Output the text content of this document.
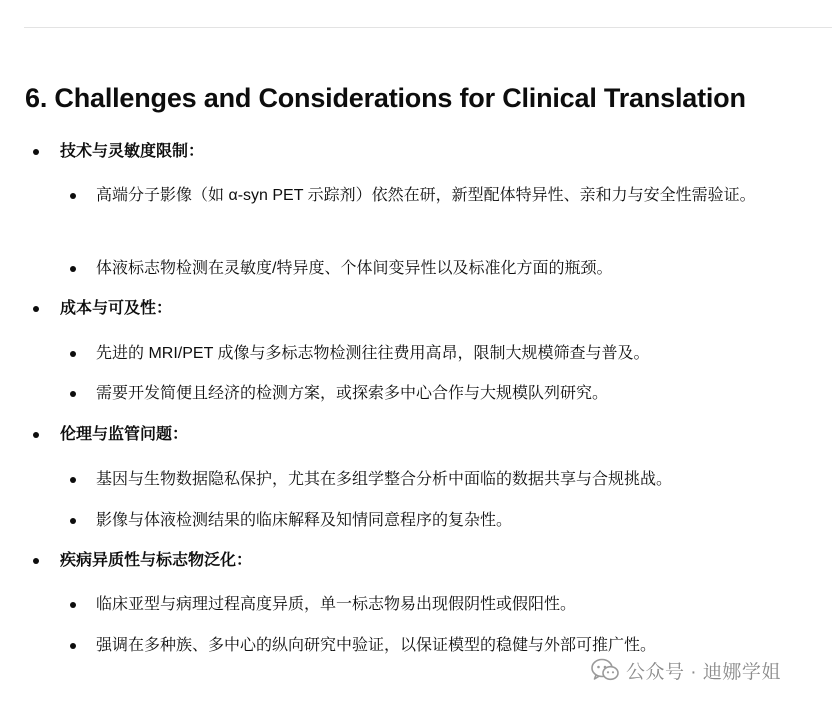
6. Challenges and Considerations for Clinical Translation
技术与灵敏度限制：
高端分子影像（如 α-syn PET 示踪剂）依然在研，新型配体特异性、亲和力与安全性需验证。
体液标志物检测在灵敏度/特异度、个体间变异性以及标准化方面的瓶颈。
成本与可及性：
先进的 MRI/PET 成像与多标志物检测往往费用高昂，限制大规模筛查与普及。
需要开发简便且经济的检测方案，或探索多中心合作与大规模队列研究。
伦理与监管问题：
基因与生物数据隐私保护，尤其在多组学整合分析中面临的数据共享与合规挑战。
影像与体液检测结果的临床解释及知情同意程序的复杂性。
疾病异质性与标志物泛化：
临床亚型与病理过程高度异质，单一标志物易出现假阴性或假阳性。
强调在多种族、多中心的纵向研究中验证，以保证模型的稳健与外部可推广性。
公众号 · 迪娜学姐
